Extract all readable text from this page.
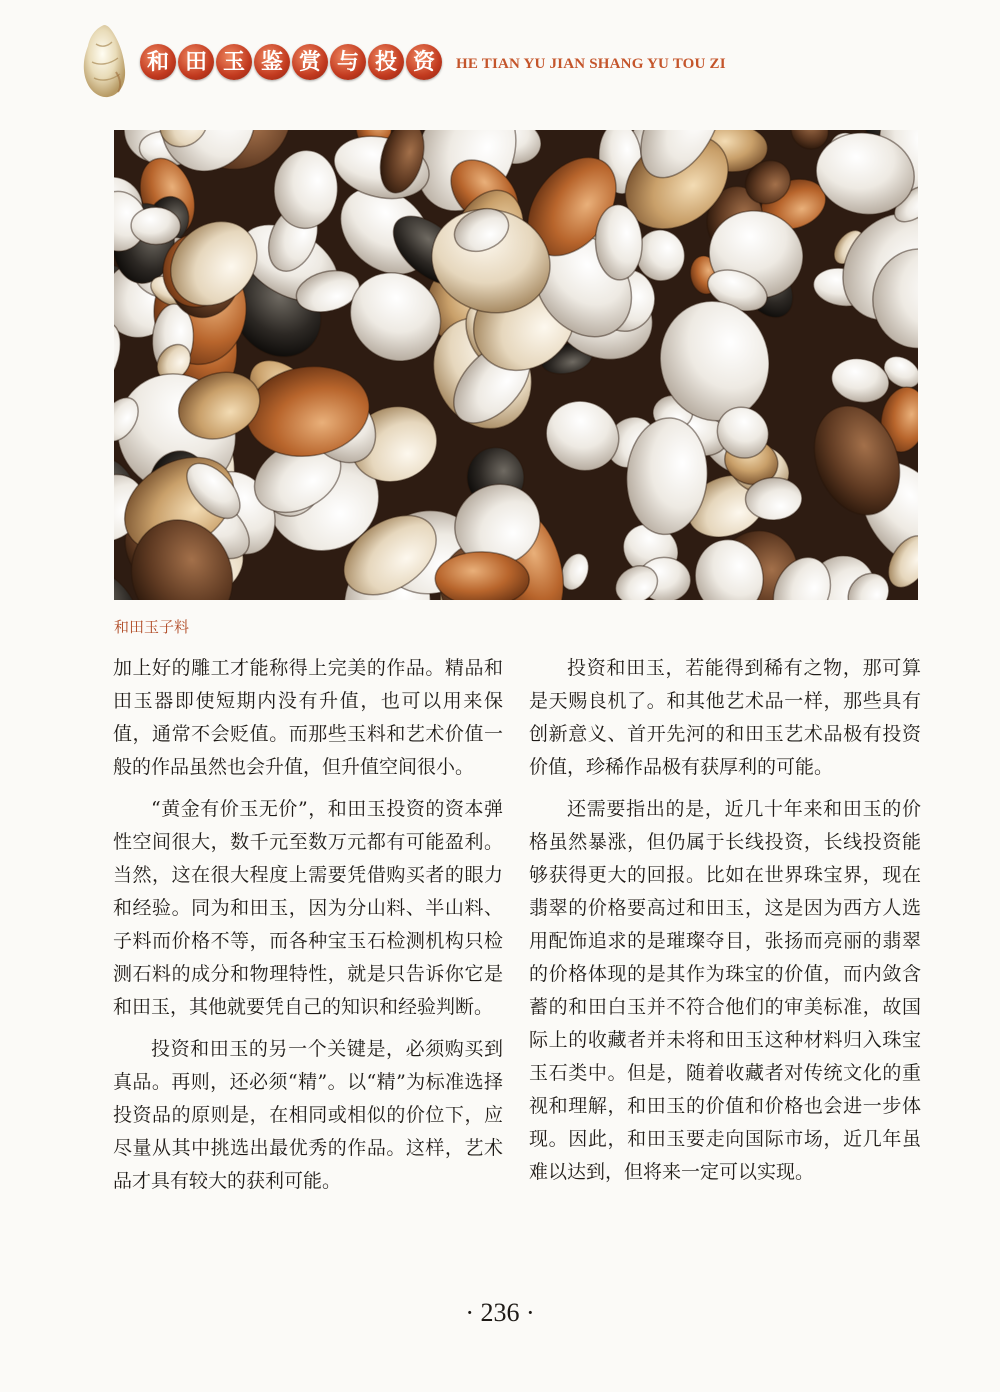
和 田 玉 鉴 赏 与 投 资	HE TIAN YU JIAN SHANG YU TOU ZI
和田玉子料

加上好的雕工才能称得上完美的作品。精品和田玉器即使短期内没有升值，也可以用来保值，通常不会贬值。而那些玉料和艺术价值一般的作品虽然也会升值，但升值空间很小。

“黄金有价玉无价”，和田玉投资的资本弹性空间很大，数千元至数万元都有可能盈利。当然，这在很大程度上需要凭借购买者的眼力和经验。同为和田玉，因为分山料、半山料、子料而价格不等，而各种宝玉石检测机构只检测石料的成分和物理特性，就是只告诉你它是和田玉，其他就要凭自己的知识和经验判断。

投资和田玉的另一个关键是，必须购买到真品。再则，还必须“精”。以“精”为标准选择投资品的原则是，在相同或相似的价位下，应尽量从其中挑选出最优秀的作品。这样，艺术品才具有较大的获利可能。

投资和田玉，若能得到稀有之物，那可算是天赐良机了。和其他艺术品一样，那些具有创新意义、首开先河的和田玉艺术品极有投资价值，珍稀作品极有获厚利的可能。

还需要指出的是，近几十年来和田玉的价格虽然暴涨，但仍属于长线投资，长线投资能够获得更大的回报。比如在世界珠宝界，现在翡翠的价格要高过和田玉，这是因为西方人选用配饰追求的是璀璨夺目，张扬而亮丽的翡翠的价格体现的是其作为珠宝的价值，而内敛含蓄的和田白玉并不符合他们的审美标准，故国际上的收藏者并未将和田玉这种材料归入珠宝玉石类中。但是，随着收藏者对传统文化的重视和理解，和田玉的价值和价格也会进一步体现。因此，和田玉要走向国际市场，近几年虽难以达到，但将来一定可以实现。

· 236 ·
